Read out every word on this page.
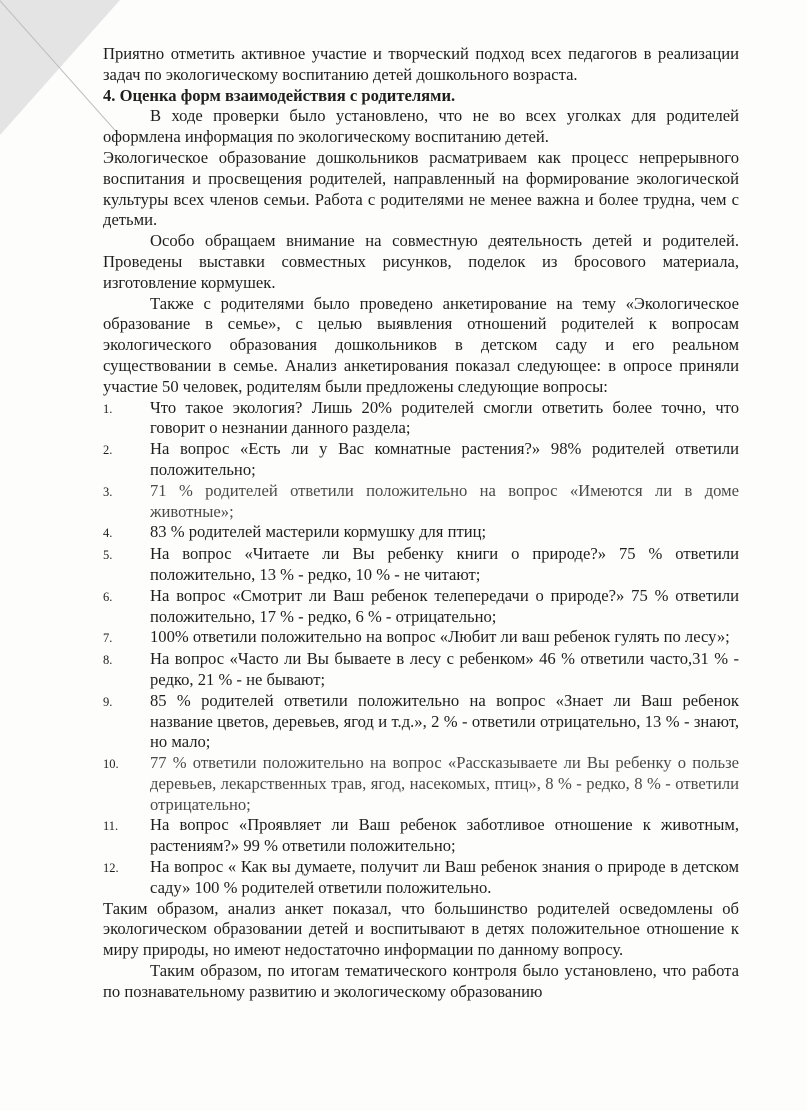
Приятно отметить активное участие и творческий подход всех педагогов в реализации задач по экологическому воспитанию детей дошкольного возраста.

4. Оценка форм взаимодействия с родителями.

В ходе проверки было установлено, что не во всех уголках для родителей оформлена информация по экологическому воспитанию детей.

Экологическое образование дошкольников расматриваем как процесс непрерывного воспитания и просвещения родителей, направленный на формирование экологической культуры всех членов семьи. Работа с родителями не менее важна и более трудна, чем с детьми.

Особо обращаем внимание на совместную деятельность детей и родителей. Проведены выставки совместных рисунков, поделок из бросового материала, изготовление кормушек.

Также с родителями было проведено анкетирование на тему «Экологическое образование в семье», с целью выявления отношений родителей к вопросам экологического образования дошкольников в детском саду и его реальном существовании в семье. Анализ анкетирования показал следующее: в опросе приняли участие 50 человек, родителям были предложены следующие вопросы:

1.	Что такое экология? Лишь 20% родителей смогли ответить более точно, что говорит о незнании данного раздела;
2.	На вопрос «Есть ли у Вас комнатные растения?» 98% родителей ответили положительно;
3.	71 % родителей ответили положительно на вопрос «Имеются ли в доме животные»;
4.	83 % родителей мастерили кормушку для птиц;
5.	На вопрос «Читаете ли Вы ребенку книги о природе?» 75 % ответили положительно, 13 % - редко, 10 % - не читают;
6.	На вопрос «Смотрит ли Ваш ребенок телепередачи о природе?» 75 % ответили положительно, 17 % - редко, 6 % - отрицательно;
7.	100% ответили положительно на вопрос «Любит ли ваш ребенок гулять по лесу»;
8.	На вопрос «Часто ли Вы бываете в лесу с ребенком» 46 % ответили часто,31 % - редко, 21 % - не бывают;
9.	85 % родителей ответили положительно на вопрос «Знает ли Ваш ребенок название цветов, деревьев, ягод и т.д.», 2 % - ответили отрицательно, 13 % - знают, но мало;
10.	77 % ответили положительно на вопрос «Рассказываете ли Вы ребенку о пользе деревьев, лекарственных трав, ягод, насекомых, птиц», 8 % - редко, 8 % - ответили отрицательно;
11.	На вопрос «Проявляет ли Ваш ребенок заботливое отношение к животным, растениям?» 99 % ответили положительно;
12.	На вопрос « Как вы думаете, получит ли Ваш ребенок знания о природе в детском саду» 100 % родителей ответили положительно.

Таким образом, анализ анкет показал, что большинство родителей осведомлены об экологическом образовании детей и воспитывают в детях положительное отношение к миру природы, но имеют недостаточно информации по данному вопросу.

Таким образом, по итогам тематического контроля было установлено, что работа по познавательному развитию и экологическому образованию
